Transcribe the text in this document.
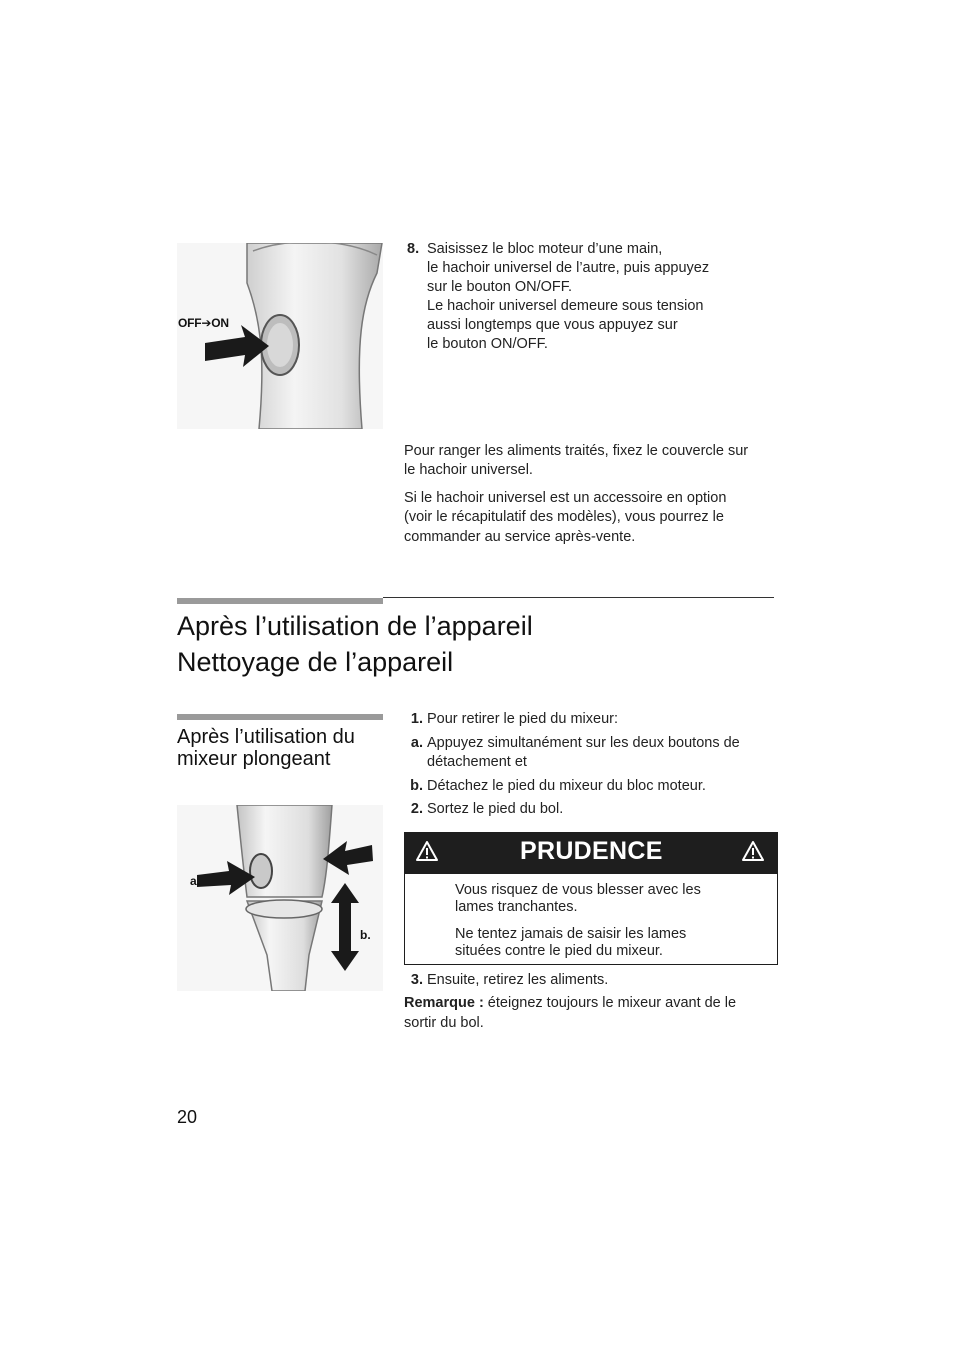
OFF➔ON
8. Saisissez le bloc moteur d’une main,
le hachoir universel de l’autre, puis appuyez
sur le bouton ON/OFF.
Le hachoir universel demeure sous tension
aussi longtemps que vous appuyez sur
le bouton ON/OFF.
Pour ranger les aliments traités, fixez le couvercle sur
le hachoir universel.
Si le hachoir universel est un accessoire en option
(voir le récapitulatif des modèles), vous pourrez le
commander au service après-vente.
Après l’utilisation de l’appareil
Nettoyage de l’appareil
Après l’utilisation du
mixeur plongeant
a.
b.
1. Pour retirer le pied du mixeur:
a. Appuyez simultanément sur les deux boutons de
détachement et
b. Détachez le pied du mixeur du bloc moteur.
2. Sortez le pied du bol.
PRUDENCE
Vous risquez de vous blesser avec les
lames tranchantes.
Ne tentez jamais de saisir les lames
situées contre le pied du mixeur.
3. Ensuite, retirez les aliments.
Remarque : éteignez toujours le mixeur avant de le
sortir du bol.
20
